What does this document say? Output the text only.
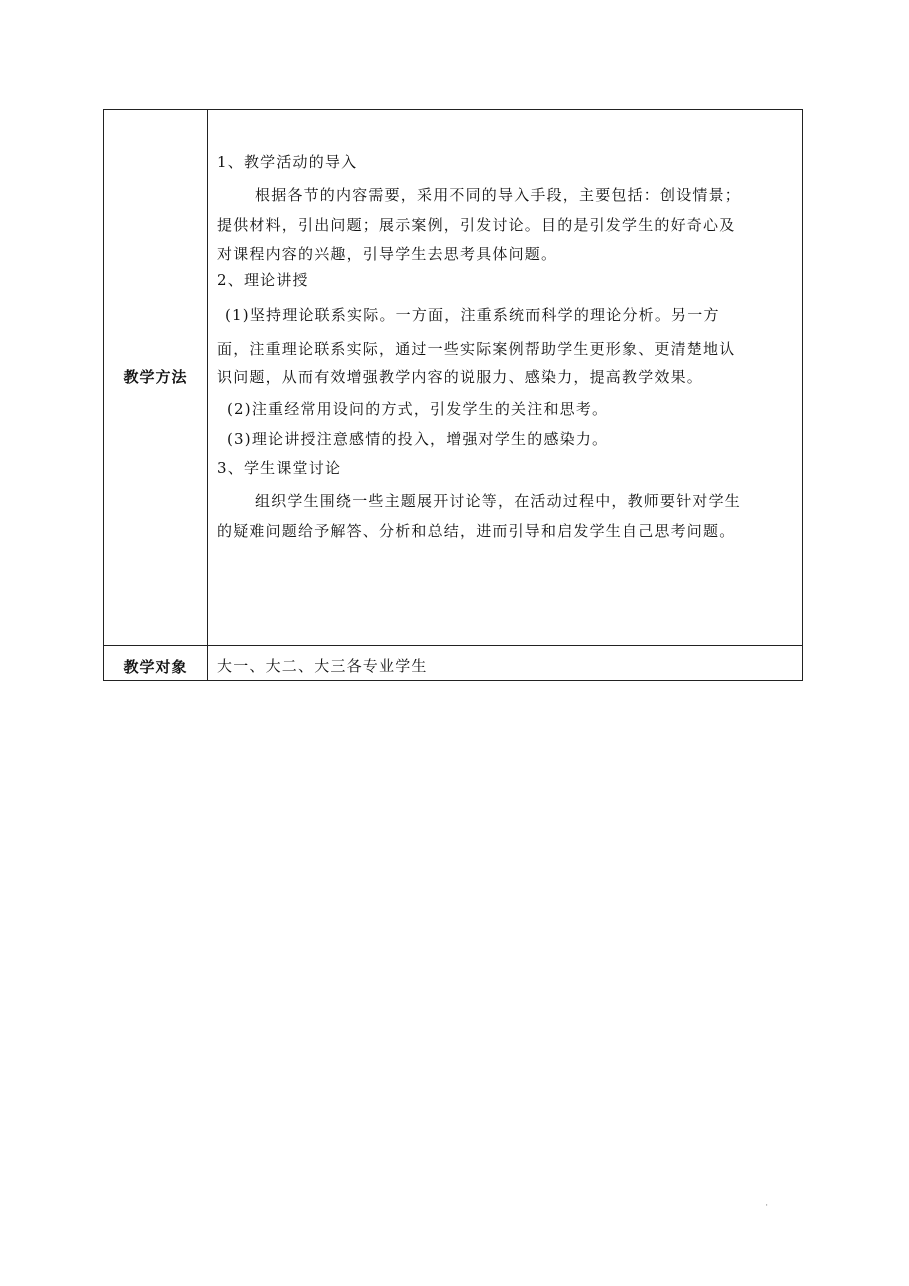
教学方法

1、教学活动的导入

根据各节的内容需要，采用不同的导入手段，主要包括：创设情景；

提供材料，引出问题；展示案例，引发讨论。目的是引发学生的好奇心及

对课程内容的兴趣，引导学生去思考具体问题。

2、理论讲授

(1)坚持理论联系实际。一方面，注重系统而科学的理论分析。另一方

面，注重理论联系实际，通过一些实际案例帮助学生更形象、更清楚地认

识问题，从而有效增强教学内容的说服力、感染力，提高教学效果。

(2)注重经常用设问的方式，引发学生的关注和思考。

(3)理论讲授注意感情的投入，增强对学生的感染力。

3、学生课堂讨论

组织学生围绕一些主题展开讨论等，在活动过程中，教师要针对学生

的疑难问题给予解答、分析和总结，进而引导和启发学生自己思考问题。

教学对象	大一、大二、大三各专业学生
'
